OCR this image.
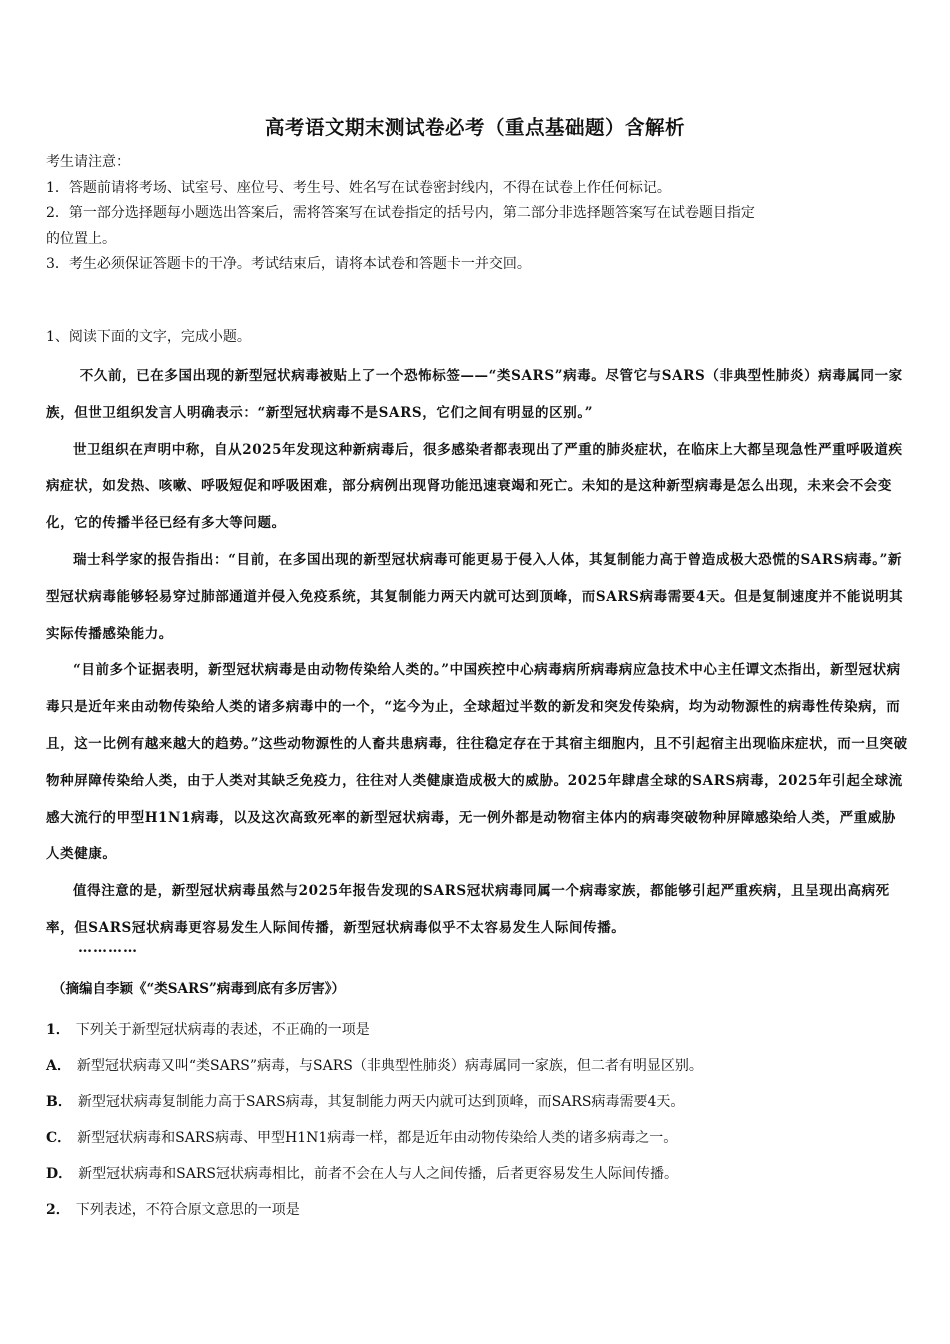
高考语文期末测试卷必考（重点基础题）含解析
考生请注意：
1．答题前请将考场、试室号、座位号、考生号、姓名写在试卷密封线内，不得在试卷上作任何标记。
2．第一部分选择题每小题选出答案后，需将答案写在试卷指定的括号内，第二部分非选择题答案写在试卷题目指定
的位置上。
3．考生必须保证答题卡的干净。考试结束后，请将本试卷和答题卡一并交回。
1、阅读下面的文字，完成小题。

不久前，已在多国出现的新型冠状病毒被贴上了一个恐怖标签——“类SARS”病毒。尽管它与SARS（非典型性肺炎）病毒属同一家族，但世卫组织发言人明确表示：“新型冠状病毒不是SARS，它们之间有明显的区别。”

世卫组织在声明中称，自从2025年发现这种新病毒后，很多感染者都表现出了严重的肺炎症状，在临床上大都呈现急性严重呼吸道疾病症状，如发热、咳嗽、呼吸短促和呼吸困难，部分病例出现肾功能迅速衰竭和死亡。未知的是这种新型病毒是怎么出现，未来会不会变化，它的传播半径已经有多大等问题。

瑞士科学家的报告指出：“目前，在多国出现的新型冠状病毒可能更易于侵入人体，其复制能力高于曾造成极大恐慌的SARS病毒。”新型冠状病毒能够轻易穿过肺部通道并侵入免疫系统，其复制能力两天内就可达到顶峰，而SARS病毒需要4天。但是复制速度并不能说明其实际传播感染能力。

“目前多个证据表明，新型冠状病毒是由动物传染给人类的。”中国疾控中心病毒病所病毒病应急技术中心主任谭文杰指出，新型冠状病毒只是近年来由动物传染给人类的诸多病毒中的一个，“迄今为止，全球超过半数的新发和突发传染病，均为动物源性的病毒性传染病，而且，这一比例有越来越大的趋势。”这些动物源性的人畜共患病毒，往往稳定存在于其宿主细胞内，且不引起宿主出现临床症状，而一旦突破物种屏障传染给人类，由于人类对其缺乏免疫力，往往对人类健康造成极大的威胁。2025年肆虐全球的SARS病毒，2025年引起全球流感大流行的甲型H1N1病毒，以及这次高致死率的新型冠状病毒，无一例外都是动物宿主体内的病毒突破物种屏障感染给人类，严重威胁人类健康。

值得注意的是，新型冠状病毒虽然与2025年报告发现的SARS冠状病毒同属一个病毒家族，都能够引起严重疾病，且呈现出高病死率，但SARS冠状病毒更容易发生人际间传播，新型冠状病毒似乎不太容易发生人际间传播。

…………
（摘编自李颖《“类SARS”病毒到底有多厉害》）
1． 下列关于新型冠状病毒的表述，不正确的一项是
A． 新型冠状病毒又叫“类SARS”病毒，与SARS（非典型性肺炎）病毒属同一家族，但二者有明显区别。
B． 新型冠状病毒复制能力高于SARS病毒，其复制能力两天内就可达到顶峰，而SARS病毒需要4天。
C． 新型冠状病毒和SARS病毒、甲型H1N1病毒一样，都是近年由动物传染给人类的诸多病毒之一。
D． 新型冠状病毒和SARS冠状病毒相比，前者不会在人与人之间传播，后者更容易发生人际间传播。
2． 下列表述，不符合原文意思的一项是
